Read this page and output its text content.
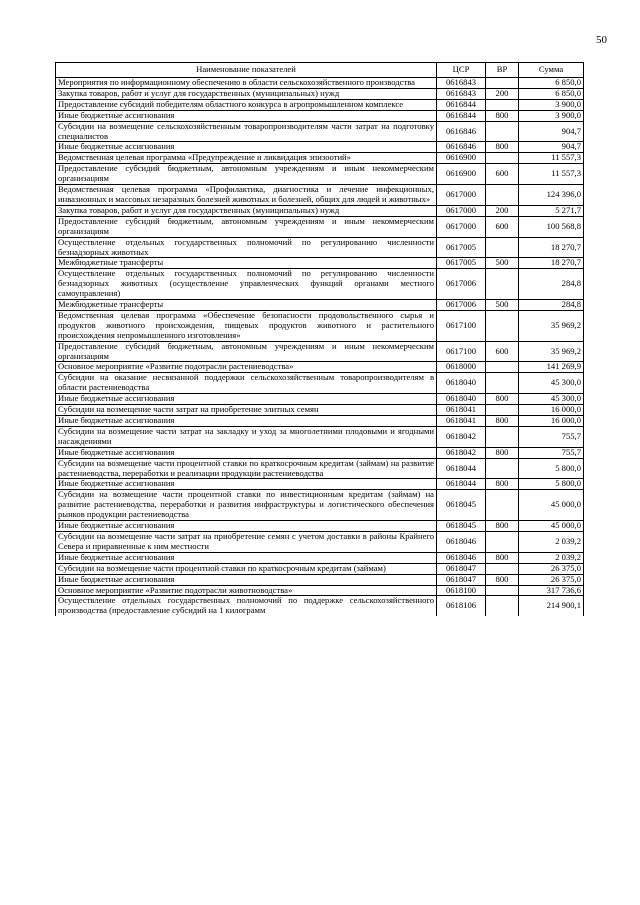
50
Наименование показателей	ЦСР	ВР	Сумма
Мероприятия по информационному обеспечению в области сельскохозяйственного производства	0616843		6 850,0
Закупка товаров, работ и услуг для государственных (муниципальных) нужд	0616843	200	6 850,0
Предоставление субсидий победителям областного конкурса в агропромышленном комплексе	0616844		3 900,0
Иные бюджетные ассигнования	0616844	800	3 900,0
Субсидии на возмещение сельскохозяйственным товаропроизводителям части затрат на подготовку специалистов	0616846		904,7
Иные бюджетные ассигнования	0616846	800	904,7
Ведомственная целевая программа «Предупреждение и ликвидация эпизоотий»	0616900		11 557,3
Предоставление субсидий бюджетным, автономным учреждениям и иным некоммерческим организациям	0616900	600	11 557,3
Ведомственная целевая программа «Профилактика, диагностика и лечение инфекционных, инвазионных и массовых незаразных болезней животных и болезней, общих для людей и животных»	0617000		124 396,0
Закупка товаров, работ и услуг для государственных (муниципальных) нужд	0617000	200	5 271,7
Предоставление субсидий бюджетным, автономным учреждениям и иным некоммерческим организациям	0617000	600	100 568,8
Осуществление отдельных государственных полномочий по регулированию численности безнадзорных животных	0617005		18 270,7
Межбюджетные трансферты	0617005	500	18 270,7
Осуществление отдельных государственных полномочий по регулированию численности безнадзорных животных (осуществление управленческих функций органами местного самоуправления)	0617006		284,8
Межбюджетные трансферты	0617006	500	284,8
Ведомственная целевая программа «Обеспечение безопасности продовольственного сырья и продуктов животного происхождения, пищевых продуктов животного и растительного происхождения непромышленного изготовления»	0617100		35 969,2
Предоставление субсидий бюджетным, автономным учреждениям и иным некоммерческим организациям	0617100	600	35 969,2
Основное мероприятие «Развитие подотрасли растениеводства»	0618000		141 269,9
Субсидии на оказание несвязанной поддержки сельскохозяйственным товаропроизводителям в области растениеводства	0618040		45 300,0
Иные бюджетные ассигнования	0618040	800	45 300,0
Субсидии на возмещение части затрат на приобретение элитных семян	0618041		16 000,0
Иные бюджетные ассигнования	0618041	800	16 000,0
Субсидии на возмещение части затрат на закладку и уход за многолетними плодовыми и ягодными насаждениями	0618042		755,7
Иные бюджетные ассигнования	0618042	800	755,7
Субсидии на возмещение части процентной ставки по краткосрочным кредитам (займам) на развитие растениеводства, переработки и реализации продукции растениеводства	0618044		5 800,0
Иные бюджетные ассигнования	0618044	800	5 800,0
Субсидии на возмещение части процентной ставки по инвестиционным кредитам (займам) на развитие растениеводства, переработки и развития инфраструктуры и логистического обеспечения рынков продукции растениеводства	0618045		45 000,0
Иные бюджетные ассигнования	0618045	800	45 000,0
Субсидии на возмещение части затрат на приобретение семян с учетом доставки в районы Крайнего Севера и приравненные к ним местности	0618046		2 039,2
Иные бюджетные ассигнования	0618046	800	2 039,2
Субсидии на возмещение части процентной ставки по краткосрочным кредитам (займам)	0618047		26 375,0
Иные бюджетные ассигнования	0618047	800	26 375,0
Основное мероприятие «Развитие подотрасли животноводства»	0618100		317 736,6
Осуществление отдельных государственных полномочий по поддержке сельскохозяйственного производства (предоставление субсидий на 1 килограмм	0618106		214 900,1
